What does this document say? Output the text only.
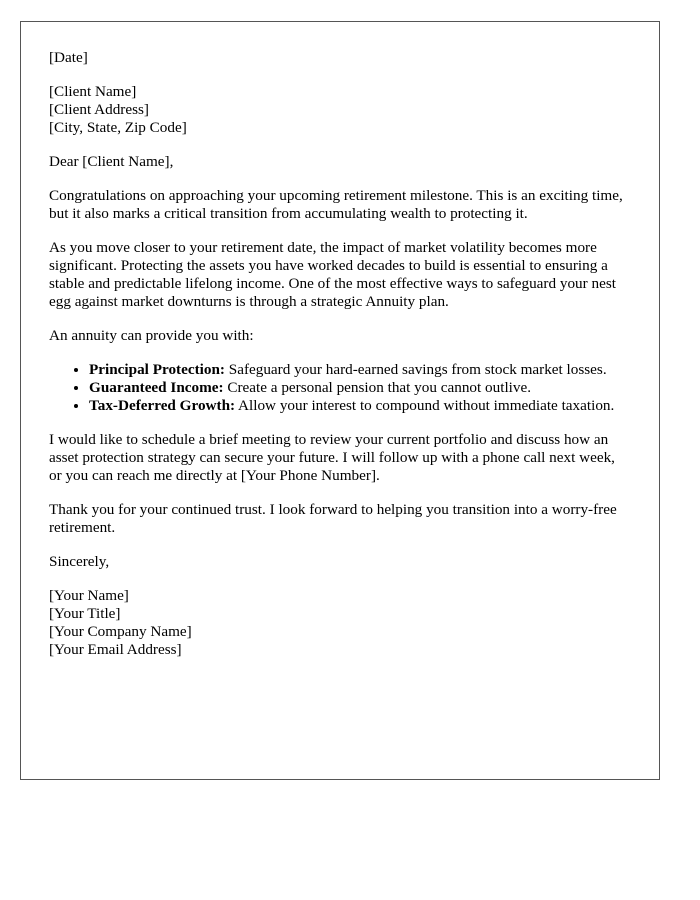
[Date]
[Client Name]
[Client Address]
[City, State, Zip Code]

Dear [Client Name],

Congratulations on approaching your upcoming retirement milestone. This is an exciting time, but it also marks a critical transition from accumulating wealth to protecting it.

As you move closer to your retirement date, the impact of market volatility becomes more significant. Protecting the assets you have worked decades to build is essential to ensuring a stable and predictable lifelong income. One of the most effective ways to safeguard your nest egg against market downturns is through a strategic Annuity plan.

An annuity can provide you with:

• Principal Protection: Safeguard your hard-earned savings from stock market losses.
• Guaranteed Income: Create a personal pension that you cannot outlive.
• Tax-Deferred Growth: Allow your interest to compound without immediate taxation.

I would like to schedule a brief meeting to review your current portfolio and discuss how an asset protection strategy can secure your future. I will follow up with a phone call next week, or you can reach me directly at [Your Phone Number].

Thank you for your continued trust. I look forward to helping you transition into a worry-free retirement.

Sincerely,

[Your Name]
[Your Title]
[Your Company Name]
[Your Email Address]
